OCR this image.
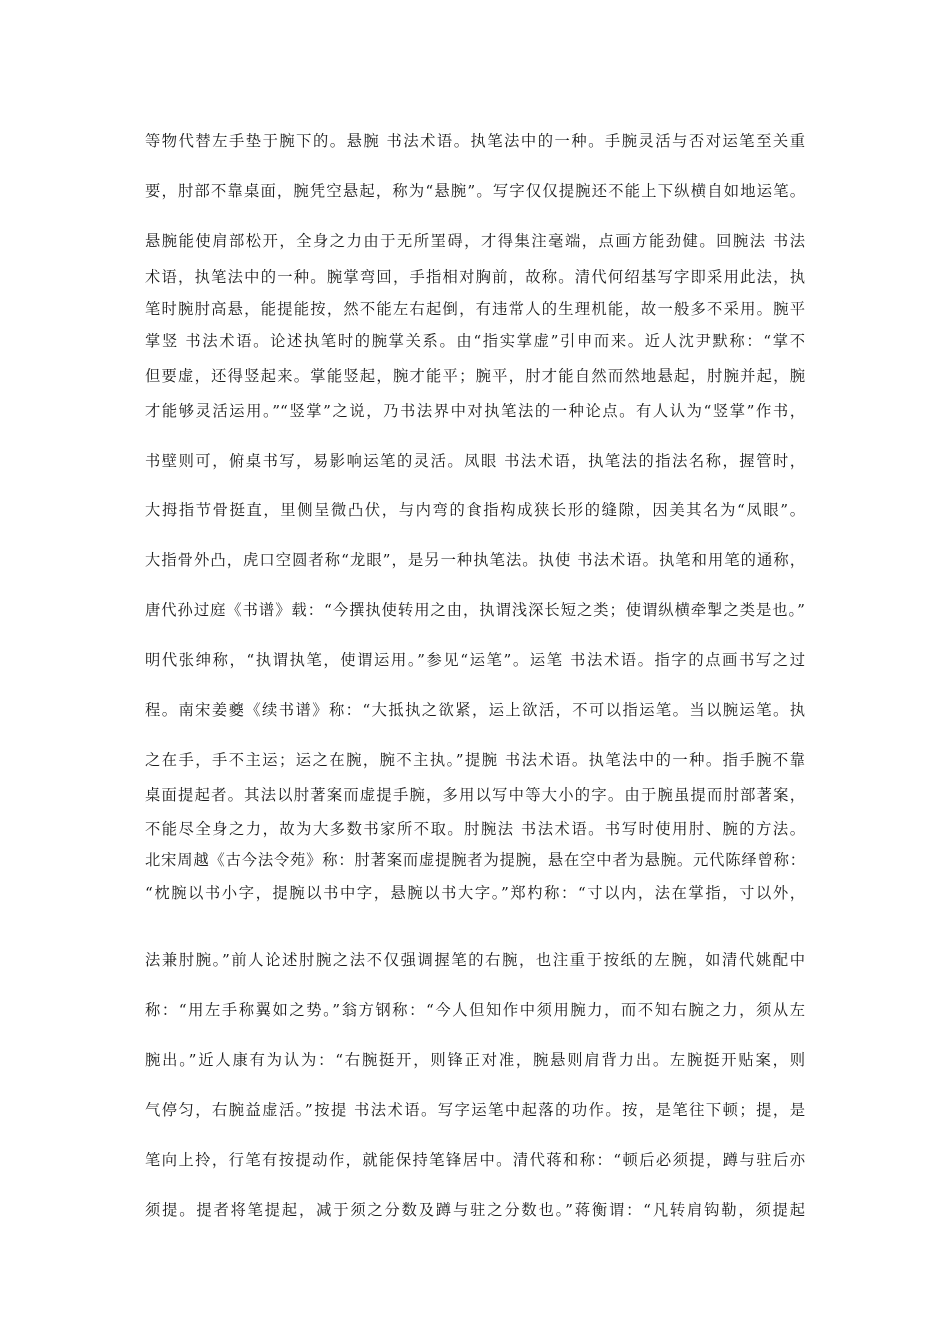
等物代替左手垫于腕下的。悬腕 书法术语。执笔法中的一种。手腕灵活与否对运笔至关重
要，肘部不靠桌面，腕凭空悬起，称为“悬腕”。写字仅仅提腕还不能上下纵横自如地运笔。
悬腕能使肩部松开，全身之力由于无所罣碍，才得集注毫端，点画方能劲健。回腕法 书法
术语，执笔法中的一种。腕掌弯回，手指相对胸前，故称。清代何绍基写字即采用此法，执
笔时腕肘高悬，能提能按，然不能左右起倒，有违常人的生理机能，故一般多不采用。腕平
掌竖 书法术语。论述执笔时的腕掌关系。由“指实掌虚”引申而来。近人沈尹默称：“掌不
但要虚，还得竖起来。掌能竖起，腕才能平；腕平，肘才能自然而然地悬起，肘腕并起，腕
才能够灵活运用。”“竖掌”之说，乃书法界中对执笔法的一种论点。有人认为“竖掌”作书，
书壁则可，俯桌书写，易影响运笔的灵活。凤眼 书法术语，执笔法的指法名称，握管时，
大拇指节骨挺直，里侧呈微凸伏，与内弯的食指构成狭长形的缝隙，因美其名为“凤眼”。
大指骨外凸，虎口空圆者称“龙眼”，是另一种执笔法。执使 书法术语。执笔和用笔的通称，
唐代孙过庭《书谱》载：“今撰执使转用之由，执谓浅深长短之类；使谓纵横牵掣之类是也。”
明代张绅称，“执谓执笔，使谓运用。”参见“运笔”。运笔 书法术语。指字的点画书写之过
程。南宋姜夔《续书谱》称：“大抵执之欲紧，运上欲活，不可以指运笔。当以腕运笔。执
之在手，手不主运；运之在腕，腕不主执。”提腕 书法术语。执笔法中的一种。指手腕不靠
桌面提起者。其法以肘著案而虚提手腕，多用以写中等大小的字。由于腕虽提而肘部著案，
不能尽全身之力，故为大多数书家所不取。肘腕法 书法术语。书写时使用肘、腕的方法。
北宋周越《古今法令苑》称：肘著案而虚提腕者为提腕，悬在空中者为悬腕。元代陈绎曾称：
“枕腕以书小字，提腕以书中字，悬腕以书大字。”郑杓称：“寸以内，法在掌指，寸以外，
法兼肘腕。”前人论述肘腕之法不仅强调握笔的右腕，也注重于按纸的左腕，如清代姚配中
称：“用左手称翼如之势。”翁方钢称：“今人但知作中须用腕力，而不知右腕之力，须从左
腕出。”近人康有为认为：“右腕挺开，则锋正对准，腕悬则肩背力出。左腕挺开贴案，则
气停匀，右腕益虚活。”按提 书法术语。写字运笔中起落的功作。按，是笔往下顿；提，是
笔向上拎，行笔有按提动作，就能保持笔锋居中。清代蒋和称：“顿后必须提，蹲与驻后亦
须提。提者将笔提起，减于须之分数及蹲与驻之分数也。”蒋衡谓：“凡转肩钩勒，须提起
